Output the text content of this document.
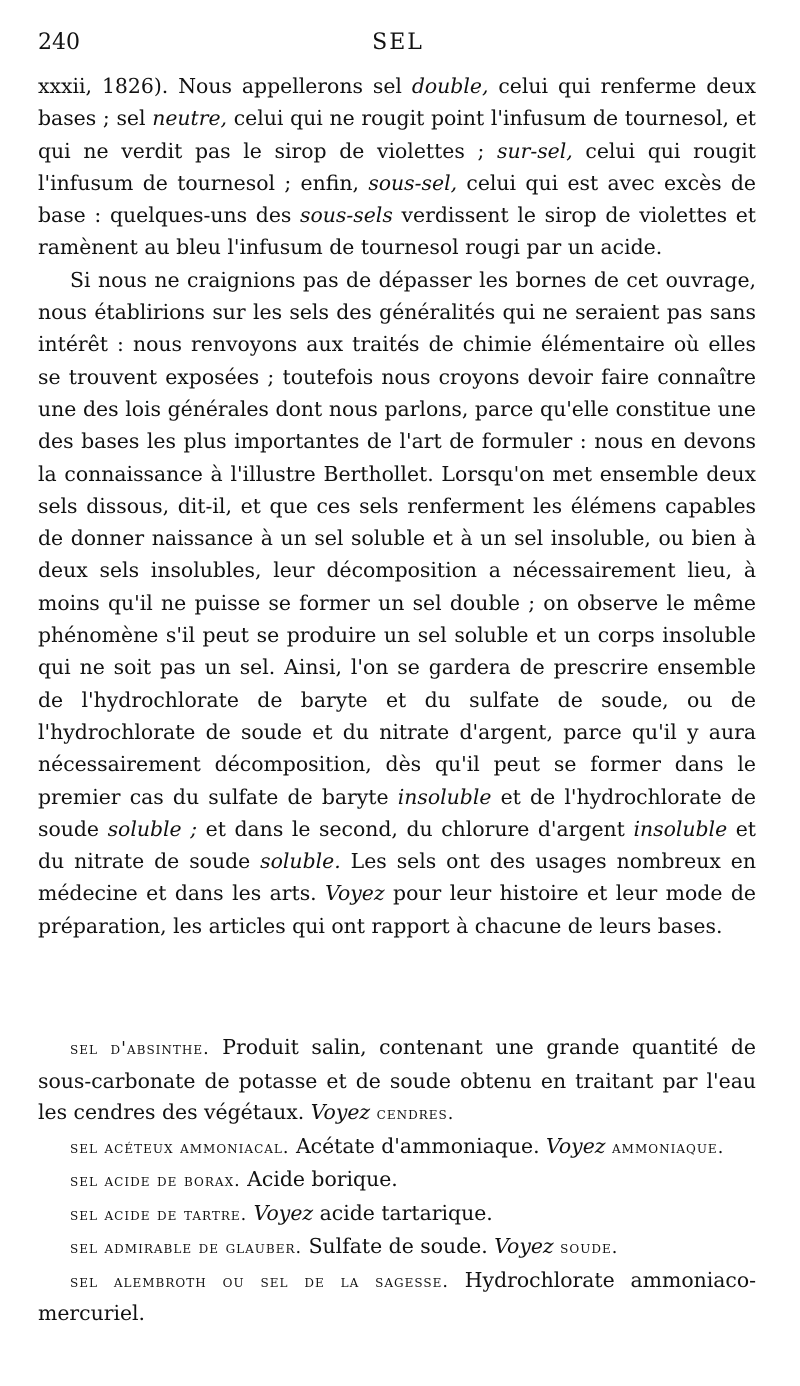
240	SEL

xxxii, 1826). Nous appellerons sel double, celui qui renferme deux bases ; sel neutre, celui qui ne rougit point l'infusum de tournesol, et qui ne verdit pas le sirop de violettes ; sur-sel, celui qui rougit l'infusum de tournesol ; enfin, sous-sel, celui qui est avec excès de base : quelques-uns des sous-sels verdissent le sirop de violettes et ramènent au bleu l'infusum de tournesol rougi par un acide.

Si nous ne craignions pas de dépasser les bornes de cet ouvrage, nous établirions sur les sels des généralités qui ne seraient pas sans intérêt : nous renvoyons aux traités de chimie élémentaire où elles se trouvent exposées ; toutefois nous croyons devoir faire connaître une des lois générales dont nous parlons, parce qu'elle constitue une des bases les plus importantes de l'art de formuler : nous en devons la connaissance à l'illustre Berthollet. Lorsqu'on met ensemble deux sels dissous, dit-il, et que ces sels renferment les élémens capables de donner naissance à un sel soluble et à un sel insoluble, ou bien à deux sels insolubles, leur décomposition a nécessairement lieu, à moins qu'il ne puisse se former un sel double ; on observe le même phénomène s'il peut se produire un sel soluble et un corps insoluble qui ne soit pas un sel. Ainsi, l'on se gardera de prescrire ensemble de l'hydrochlorate de baryte et du sulfate de soude, ou de l'hydrochlorate de soude et du nitrate d'argent, parce qu'il y aura nécessairement décomposition, dès qu'il peut se former dans le premier cas du sulfate de baryte insoluble et de l'hydrochlorate de soude soluble ; et dans le second, du chlorure d'argent insoluble et du nitrate de soude soluble. Les sels ont des usages nombreux en médecine et dans les arts. Voyez pour leur histoire et leur mode de préparation, les articles qui ont rapport à chacune de leurs bases.

sel d'absinthe. Produit salin, contenant une grande quantité de sous-carbonate de potasse et de soude obtenu en traitant par l'eau les cendres des végétaux. Voyez cendres.

sel acéteux ammoniacal. Acétate d'ammoniaque. Voyez ammoniaque.

sel acide de borax. Acide borique.

sel acide de tartre. Voyez acide tartarique.

sel admirable de glauber. Sulfate de soude. Voyez soude.

sel alembroth ou sel de la sagesse. Hydrochlorate ammoniaco-mercuriel.
